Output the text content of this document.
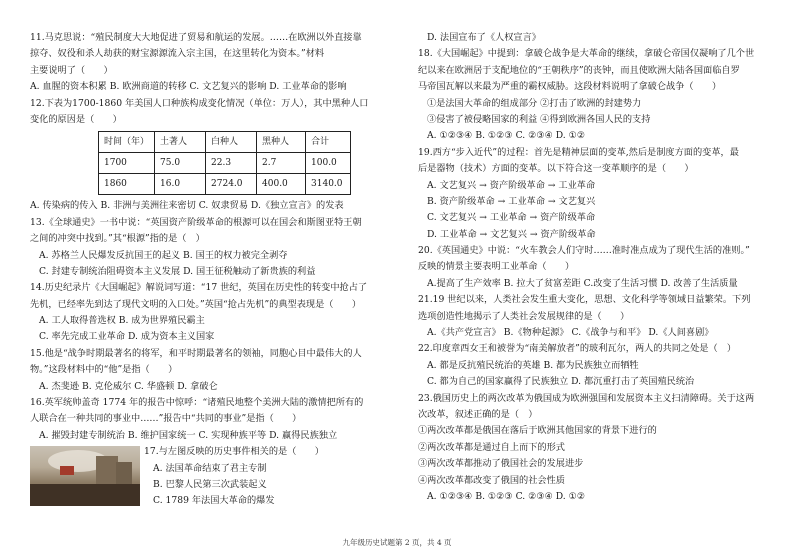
11.马克思说：“殖民制度大大地促进了贸易和航运的发展。……在欧洲以外直接靠
掠夺、奴役和杀人劫获的财宝源源流入宗主国，在这里转化为资本。”材料
主要说明了（　　）
A. 血腥的资本积累 B. 欧洲商道的转移 C. 文艺复兴的影响 D. 工业革命的影响
12.下表为1700-1860 年美国人口种族构成变化情况（单位：万人），其中黑种人口
变化的原因是（　　）
时间（年）	土著人	白种人	黑种人	合计
1700	75.0	22.3	2.7	100.0
1860	16.0	2724.0	400.0	3140.0
A. 传染病的传入 B. 非洲与美洲往来密切 C. 奴隶贸易 D.《独立宣言》的发表
13.《全球通史》一书中说：“英国资产阶级革命的根源可以在国会和斯图亚特王朝
之间的冲突中找到。”其“根源”指的是（　）
A. 苏格兰人民爆发反抗国王的起义 B. 国王的权力被完全剥夺
C. 封建专制统治阻碍资本主义发展 D. 国王征税触动了新贵族的利益
14.历史纪录片《大国崛起》解说词写道：“17 世纪，英国在历史性的转变中抢占了
先机，已经率先到达了现代文明的入口处。”英国“抢占先机”的典型表现是（　　）
A. 工人取得普选权 B. 成为世界殖民霸主
C. 率先完成工业革命 D. 成为资本主义国家
15.他是“战争时期最著名的将军，和平时期最著名的领袖，同胞心目中最伟大的人
物。”这段材料中的“他”是指（　　）
A. 杰斐逊 B. 克伦威尔 C. 华盛顿 D. 拿破仑
16.英军统帅盖奇 1774 年的报告中惊呼：“诸殖民地整个美洲大陆的激情把所有的
人联合在一种共同的事业中……”报告中“共同的事业”是指（　　）
A. 摧毁封建专制统治 B. 维护国家统一 C. 实现种族平等 D. 赢得民族独立
17.与左图反映的历史事件相关的是（　　）
A. 法国革命结束了君主专制
B. 巴黎人民第三次武装起义
C. 1789 年法国大革命的爆发
D. 法国宣布了《人权宣言》
18.《大国崛起》中提到：拿破仑战争是大革命的继续，拿破仑帝国仅凝响了几个世
纪以来在欧洲居于支配地位的“王朝秩序”的丧钟，而且使欧洲大陆各国面临自罗
马帝国瓦解以来最为严重的霸权威胁。这段材料说明了拿破仑战争（　　）
①是法国大革命的组成部分 ②打击了欧洲的封建势力
③侵害了被侵略国家的利益 ④得到欧洲各国人民的支持
A. ①②③④ B. ①②③ C. ②③④ D. ①②
19.西方“步入近代”的过程：首先是精神层面的变革,然后是制度方面的变革，最
后是器物（技术）方面的变革。以下符合这一变革顺序的是（　　）
A. 文艺复兴 → 资产阶级革命 → 工业革命
B. 资产阶级革命 → 工业革命 → 文艺复兴
C. 文艺复兴 → 工业革命 → 资产阶级革命
D. 工业革命 → 文艺复兴 → 资产阶级革命
20.《英国通史》中说：“火车教会人们守时……准时准点成为了现代生活的准则。”
反映的情景主要表明工业革命（　　）
A.提高了生产效率 B. 拉大了贫富差距 C.改变了生活习惯 D. 改善了生活质量
21.19 世纪以来，人类社会发生重大变化，思想、文化科学等领域日益繁荣。下列
选项创造性地揭示了人类社会发展规律的是（　　）
A.《共产党宣言》 B.《物种起源》 C.《战争与和平》 D.《人间喜剧》
22.印度章西女王和被誉为“南美解放者”的玻利瓦尔，两人的共同之处是（　）
A. 都是反抗殖民统治的英雄 B. 都为民族独立而牺牲
C. 都为自己的国家赢得了民族独立 D. 都沉重打击了英国殖民统治
23.俄国历史上的两次改革为俄国成为欧洲强国和发展资本主义扫清障碍。关于这两
次改革，叙述正确的是（　）
①两次改革都是俄国在落后于欧洲其他国家的背景下进行的
②两次改革都是通过自上而下的形式
③两次改革都推动了俄国社会的发展进步
④两次改革都改变了俄国的社会性质
A. ①②③④ B. ①②③ C. ②③④ D. ①②
九年级历史试题第 2 页，共 4 页
